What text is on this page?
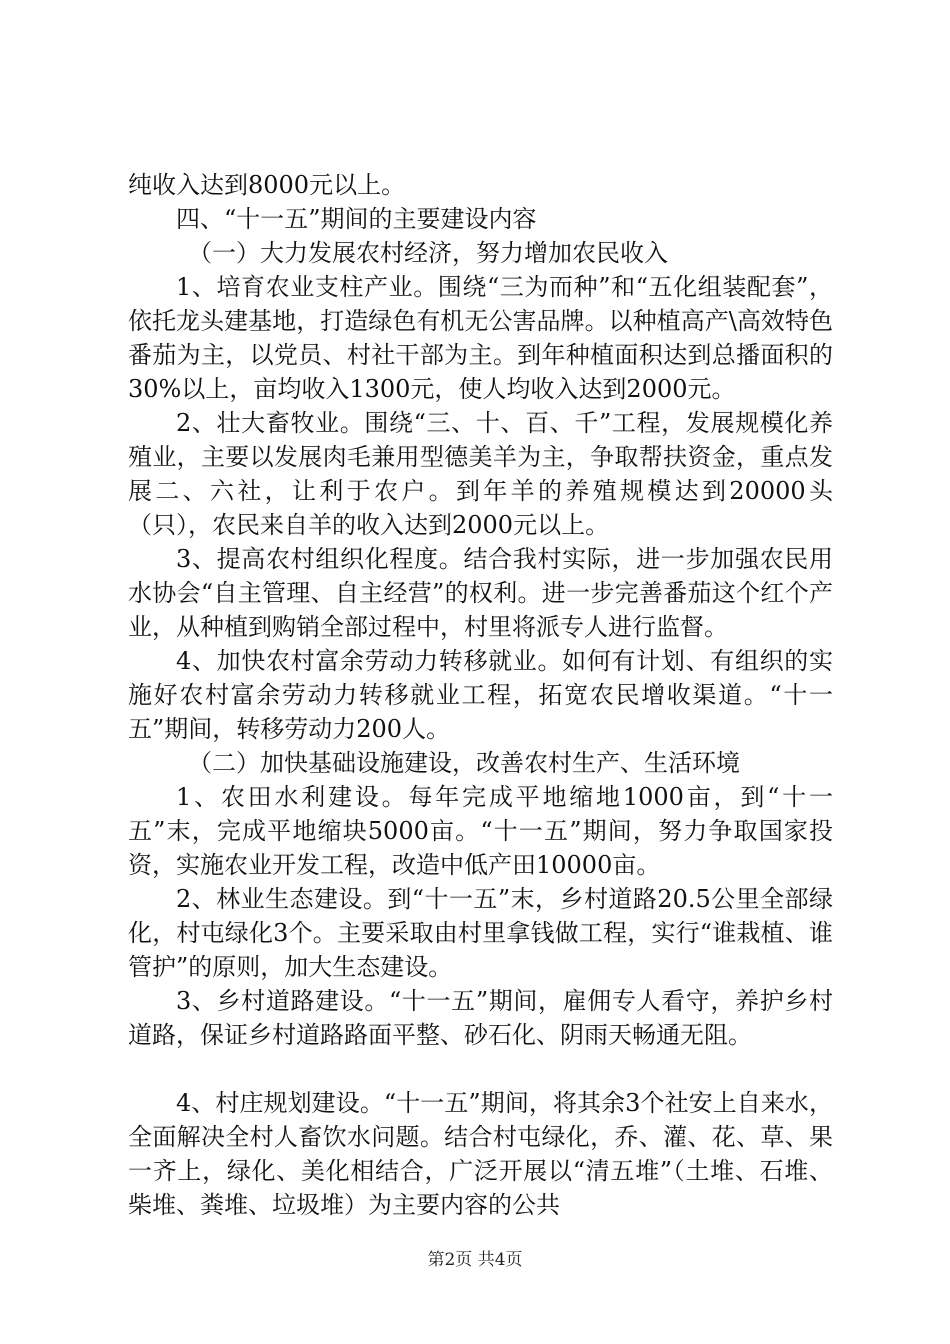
纯收入达到8000元以上。

四、“十一五”期间的主要建设内容

（一）大力发展农村经济，努力增加农民收入

1、培育农业支柱产业。围绕“三为而种”和“五化组装配套”，依托龙头建基地，打造绿色有机无公害品牌。以种植高产\高效特色番茄为主，以党员、村社干部为主。到年种植面积达到总播面积的30%以上，亩均收入1300元，使人均收入达到2000元。

2、壮大畜牧业。围绕“三、十、百、千”工程，发展规模化养殖业，主要以发展肉毛兼用型德美羊为主，争取帮扶资金，重点发展二、六社，让利于农户。到年羊的养殖规模达到20000头（只），农民来自羊的收入达到2000元以上。

3、提高农村组织化程度。结合我村实际，进一步加强农民用水协会“自主管理、自主经营”的权利。进一步完善番茄这个红个产业，从种植到购销全部过程中，村里将派专人进行监督。

4、加快农村富余劳动力转移就业。如何有计划、有组织的实施好农村富余劳动力转移就业工程，拓宽农民增收渠道。“十一五”期间，转移劳动力200人。

（二）加快基础设施建设，改善农村生产、生活环境

1、农田水利建设。每年完成平地缩地1000亩，到“十一五”末，完成平地缩块5000亩。“十一五”期间，努力争取国家投资，实施农业开发工程，改造中低产田10000亩。

2、林业生态建设。到“十一五”末，乡村道路20.5公里全部绿化，村屯绿化3个。主要采取由村里拿钱做工程，实行“谁栽植、谁管护”的原则，加大生态建设。

3、乡村道路建设。“十一五”期间，雇佣专人看守，养护乡村道路，保证乡村道路路面平整、砂石化、阴雨天畅通无阻。

4、村庄规划建设。“十一五”期间，将其余3个社安上自来水，全面解决全村人畜饮水问题。结合村屯绿化，乔、灌、花、草、果一齐上，绿化、美化相结合，广泛开展以“清五堆”（土堆、石堆、柴堆、粪堆、垃圾堆）为主要内容的公共

第2页 共4页
